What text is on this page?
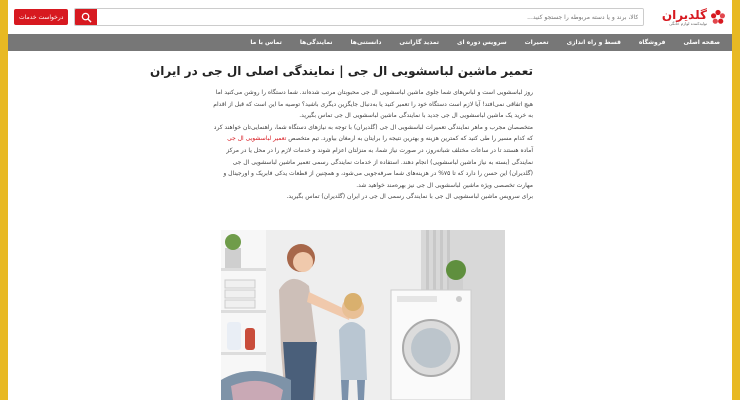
درخواست خدمات
کالا، برند و یا دسته مربوطه را جستجو کنید...	گلدیران
تولیدکننده لوازم خانگی
تماس با ما	نمایندگی‌ها	دانستنی‌ها	تمدید گارانتی	سرویس دوره ای	تعمیرات	قسط و راه اندازی	فروشگاه	صفحه اصلی
تعمیر ماشین لباسشویی ال جی | نمایندگی اصلی ال جی در ایران

روز لباسشویی است و لباس‌های شما جلوی ماشین لباسشویی ال جی محبوبتان مرتب شده‌اند. شما دستگاه را روشن می‌کنید اما هیچ اتفاقی نمی‌افتد! آیا لازم است دستگاه خود را تعمیر کنید یا به‌دنبال جایگزین دیگری باشید؟ توصیه ما این است که قبل از اقدام به خرید یک ماشین لباسشویی ال جی جدید با نمایندگی ماشین لباسشویی ال جی تماس بگیرید.

متخصصان مجرب و ماهر نمایندگی تعمیرات لباسشویی ال جی (گلدیران) با توجه به نیازهای دستگاه شما، راهنمایی‌تان خواهند کرد که کدام مسیر را طی کنید که کمترین هزینه و بهترین نتیجه را برایتان به ارمغان بیاورد. تیم متخصص تعمیر لباسشویی ال جی آماده هستند تا در ساعات مختلف شبانه‌روز، در صورت نیاز شما، به منزلتان اعزام شوند و خدمات لازم را در محل یا در مرکز نمایندگی (بسته به نیاز ماشین لباسشویی) انجام دهند. استفاده از خدمات نمایندگی رسمی تعمیر ماشین لباسشویی ال جی (گلدیران) این حسن را دارد که تا ۷۵% در هزینه‌های شما صرفه‌جویی می‌شود، و همچنین از قطعات یدکی فابریک و اورجینال و مهارت تخصصی ویژه ماشین لباسشویی ال جی نیز بهره‌مند خواهید شد.

برای سرویس ماشین لباسشویی ال جی با نمایندگی رسمی ال جی در ایران (گلدیران) تماس بگیرید.
